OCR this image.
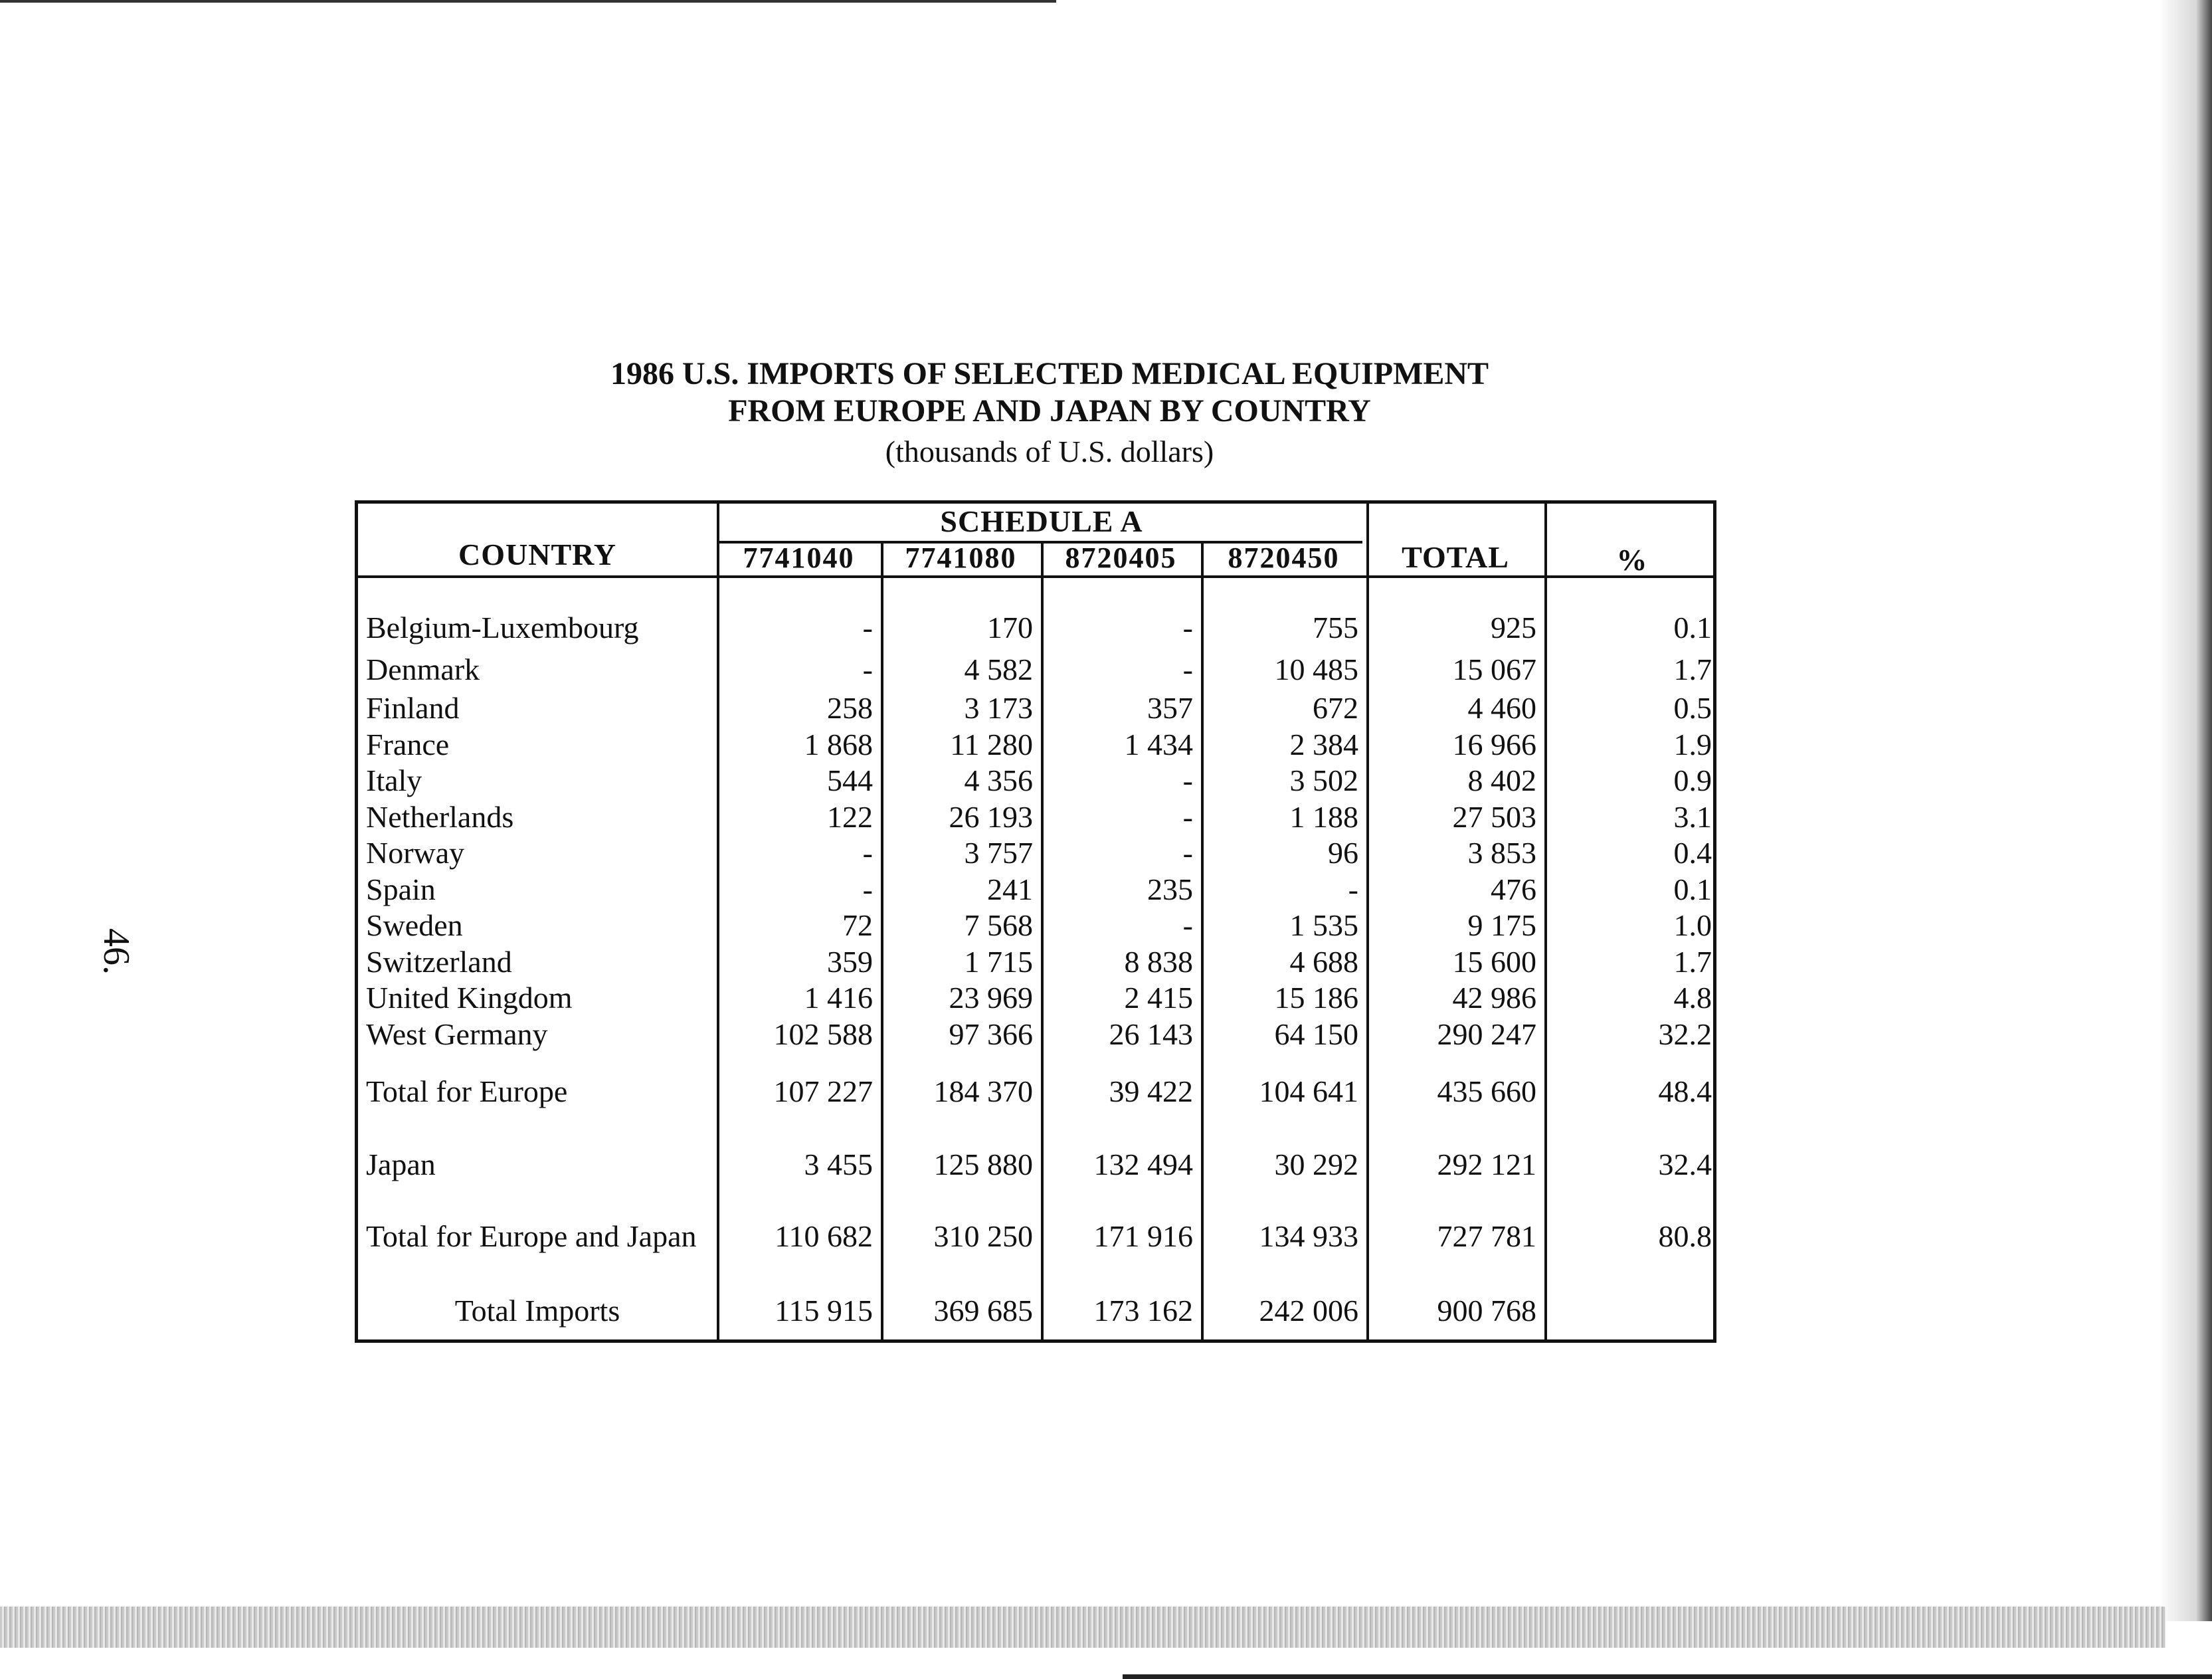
46.
1986 U.S. IMPORTS OF SELECTED MEDICAL EQUIPMENT
FROM EUROPE AND JAPAN BY COUNTRY
(thousands of U.S. dollars)
COUNTRY
SCHEDULE A
7741040	7741080	8720405	8720450	TOTAL	%
Belgium-Luxembourg	-	170	-	755	925	0.1
Denmark	-	4 582	-	10 485	15 067	1.7
Finland	258	3 173	357	672	4 460	0.5
France	1 868	11 280	1 434	2 384	16 966	1.9
Italy	544	4 356	-	3 502	8 402	0.9
Netherlands	122	26 193	-	1 188	27 503	3.1
Norway	-	3 757	-	96	3 853	0.4
Spain	-	241	235	-	476	0.1
Sweden	72	7 568	-	1 535	9 175	1.0
Switzerland	359	1 715	8 838	4 688	15 600	1.7
United Kingdom	1 416	23 969	2 415	15 186	42 986	4.8
West Germany	102 588	97 366	26 143	64 150	290 247	32.2
Total for Europe	107 227	184 370	39 422	104 641	435 660	48.4
Japan	3 455	125 880	132 494	30 292	292 121	32.4
Total for Europe and Japan	110 682	310 250	171 916	134 933	727 781	80.8
Total Imports	115 915	369 685	173 162	242 006	900 768
